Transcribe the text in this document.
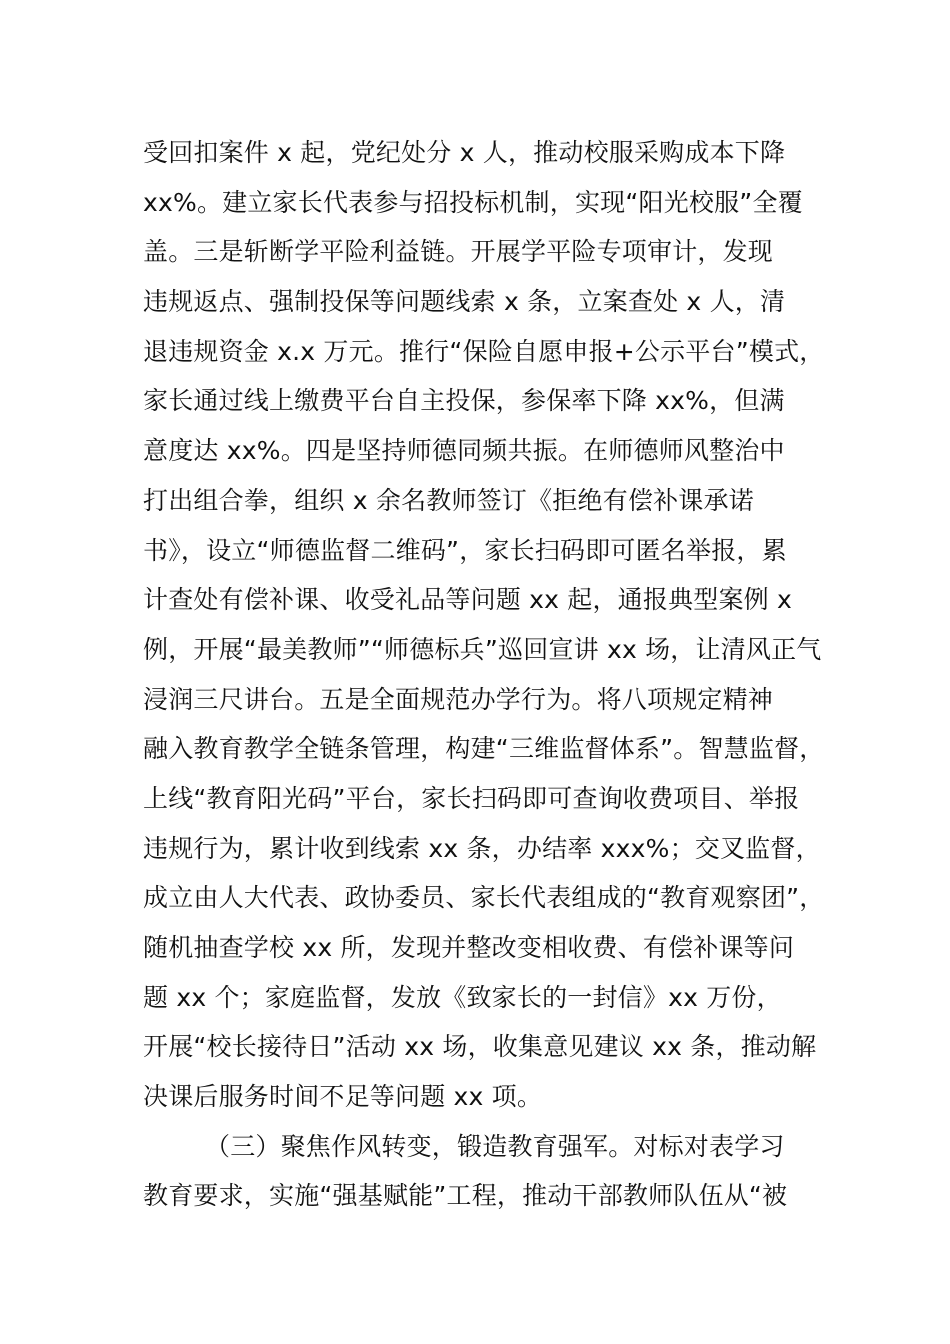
受回扣案件 x 起，党纪处分 x 人，推动校服采购成本下降
xx%。建立家长代表参与招投标机制，实现“阳光校服”全覆
盖。三是斩断学平险利益链。开展学平险专项审计，发现
违规返点、强制投保等问题线索 x 条，立案查处 x 人，清
退违规资金 x.x 万元。推行“保险自愿申报+公示平台”模式，
家长通过线上缴费平台自主投保，参保率下降 xx%，但满
意度达 xx%。四是坚持师德同频共振。在师德师风整治中
打出组合拳，组织 x 余名教师签订《拒绝有偿补课承诺
书》，设立“师德监督二维码”，家长扫码即可匿名举报，累
计查处有偿补课、收受礼品等问题 xx 起，通报典型案例 x
例，开展“最美教师”“师德标兵”巡回宣讲 xx 场，让清风正气
浸润三尺讲台。五是全面规范办学行为。将八项规定精神
融入教育教学全链条管理，构建“三维监督体系”。智慧监督，
上线“教育阳光码”平台，家长扫码即可查询收费项目、举报
违规行为，累计收到线索 xx 条，办结率 xxx%；交叉监督，
成立由人大代表、政协委员、家长代表组成的“教育观察团”，
随机抽查学校 xx 所，发现并整改变相收费、有偿补课等问
题 xx 个；家庭监督，发放《致家长的一封信》xx 万份，
开展“校长接待日”活动 xx 场，收集意见建议 xx 条，推动解
决课后服务时间不足等问题 xx 项。
（三）聚焦作风转变，锻造教育强军。对标对表学习
教育要求，实施“强基赋能”工程，推动干部教师队伍从“被
